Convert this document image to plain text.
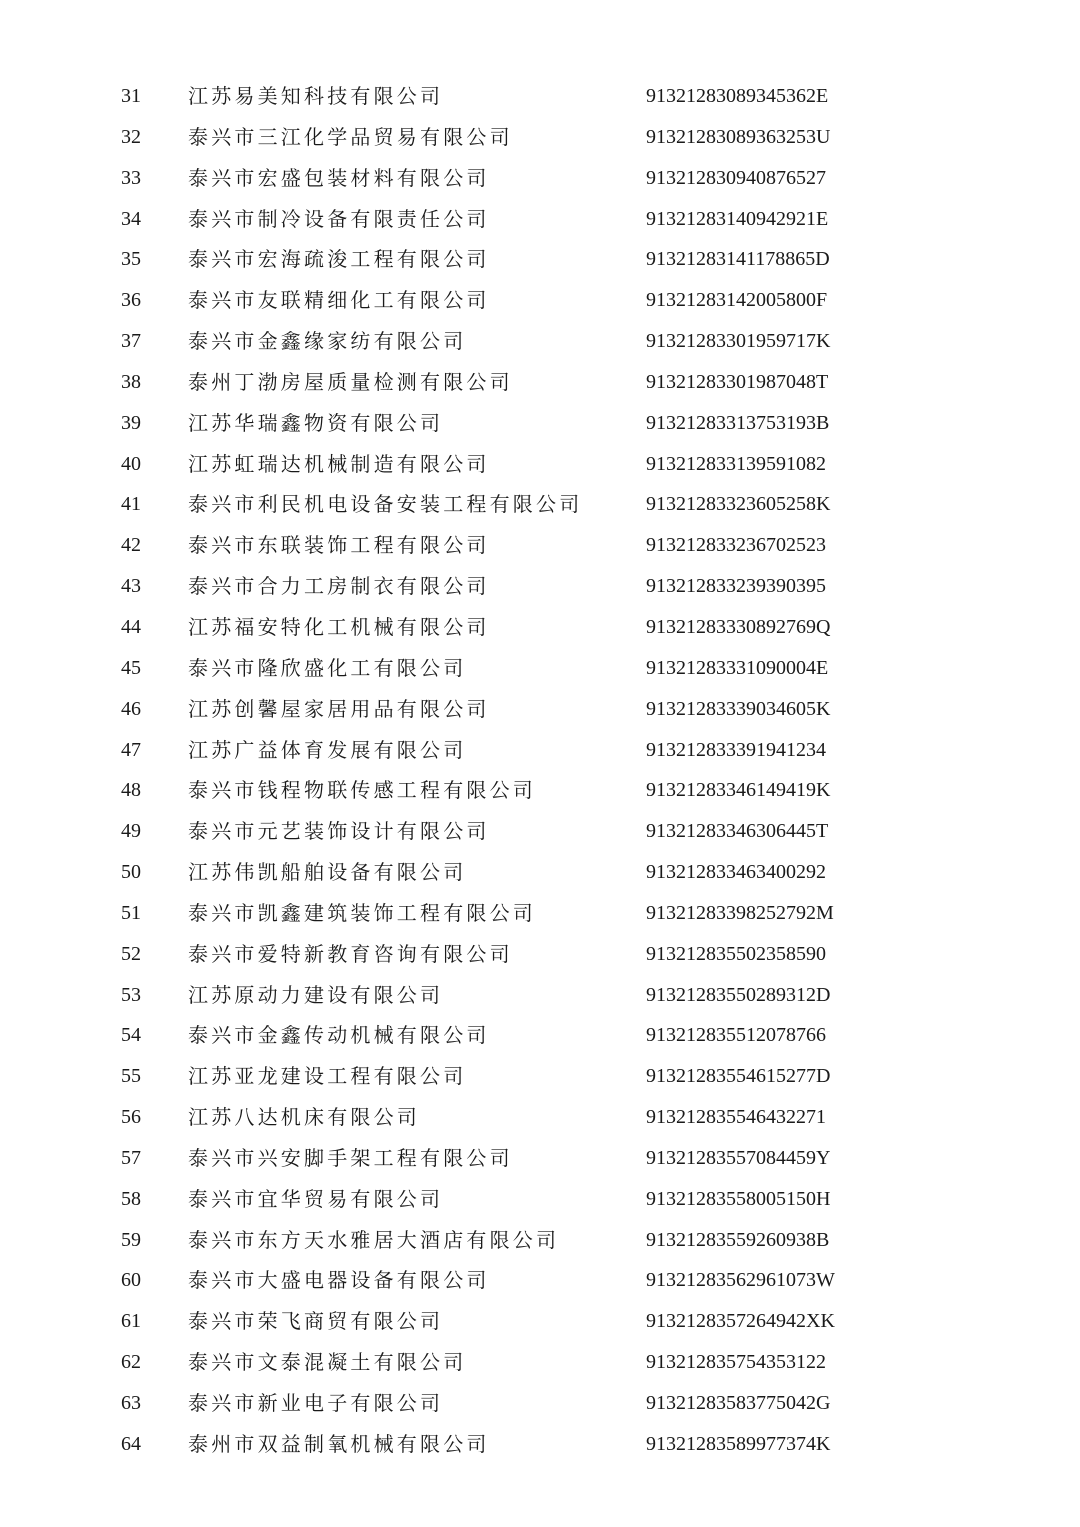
31 江苏易美知科技有限公司	91321283089345362E
32 泰兴市三江化学品贸易有限公司	91321283089363253U
33 泰兴市宏盛包装材料有限公司	913212830940876527
34 泰兴市制冷设备有限责任公司	91321283140942921E
35 泰兴市宏海疏浚工程有限公司	91321283141178865D
36 泰兴市友联精细化工有限公司	91321283142005800F
37 泰兴市金鑫缘家纺有限公司	91321283301959717K
38 泰州丁渤房屋质量检测有限公司	91321283301987048T
39 江苏华瑞鑫物资有限公司	91321283313753193B
40 江苏虹瑞达机械制造有限公司	913212833139591082
41 泰兴市利民机电设备安装工程有限公司	91321283323605258K
42 泰兴市东联装饰工程有限公司	913212833236702523
43 泰兴市合力工房制衣有限公司	913212833239390395
44 江苏福安特化工机械有限公司	91321283330892769Q
45 泰兴市隆欣盛化工有限公司	91321283331090004E
46 江苏创馨屋家居用品有限公司	91321283339034605K
47 江苏广益体育发展有限公司	913212833391941234
48 泰兴市钱程物联传感工程有限公司	91321283346149419K
49 泰兴市元艺装饰设计有限公司	91321283346306445T
50 江苏伟凯船舶设备有限公司	913212833463400292
51 泰兴市凯鑫建筑装饰工程有限公司	91321283398252792M
52 泰兴市爱特新教育咨询有限公司	913212835502358590
53 江苏原动力建设有限公司	91321283550289312D
54 泰兴市金鑫传动机械有限公司	913212835512078766
55 江苏亚龙建设工程有限公司	91321283554615277D
56 江苏八达机床有限公司	913212835546432271
57 泰兴市兴安脚手架工程有限公司	91321283557084459Y
58 泰兴市宜华贸易有限公司	91321283558005150H
59 泰兴市东方天水雅居大酒店有限公司	91321283559260938B
60 泰兴市大盛电器设备有限公司	91321283562961073W
61 泰兴市荣飞商贸有限公司	9132128357264942XK
62 泰兴市文泰混凝土有限公司	913212835754353122
63 泰兴市新业电子有限公司	91321283583775042G
64 泰州市双益制氧机械有限公司	91321283589977374K
